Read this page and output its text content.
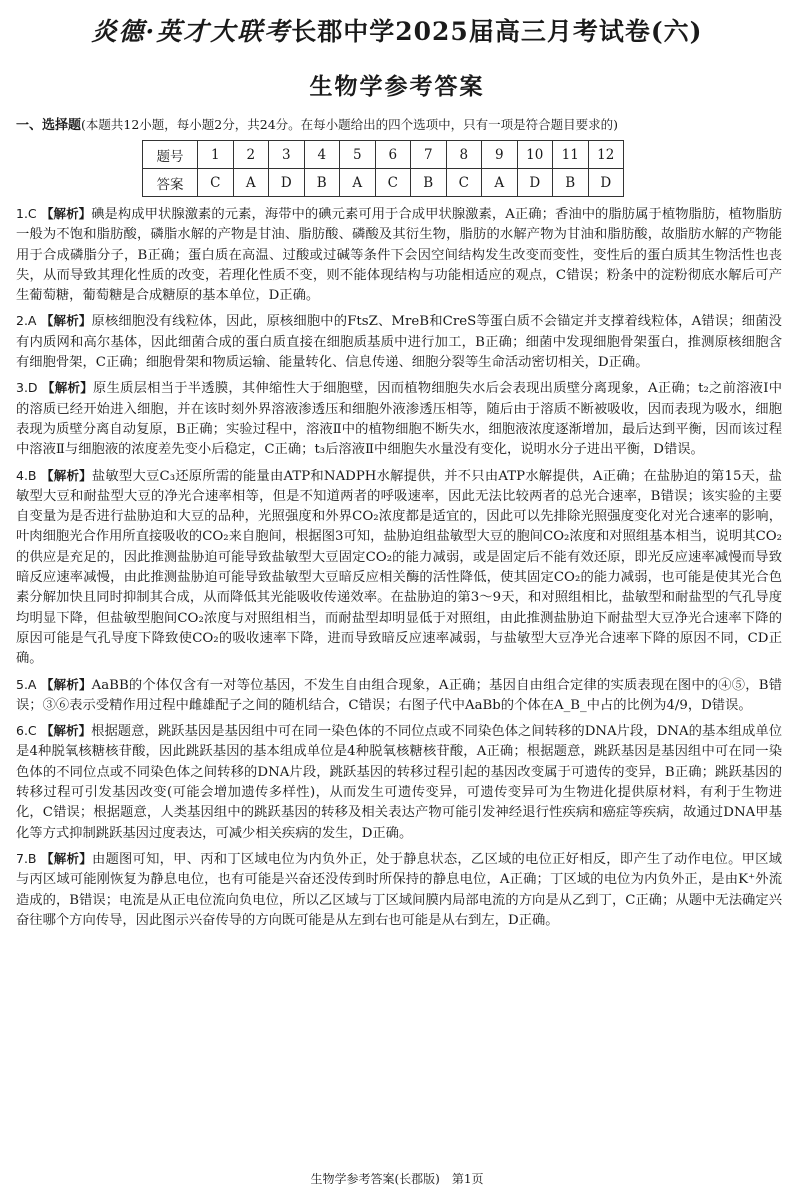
炎德·英才大联考长郡中学2025届高三月考试卷(六)
生物学参考答案
一、选择题(本题共12小题，每小题2分，共24分。在每小题给出的四个选项中，只有一项是符合题目要求的)
题号	1	2	3	4	5	6	7	8	9	10	11	12
答案	C	A	D	B	A	C	B	C	A	D	B	D

1.C 【解析】碘是构成甲状腺激素的元素，海带中的碘元素可用于合成甲状腺激素，A正确；香油中的脂肪属于植物脂肪，植物脂肪一般为不饱和脂肪酸，磷脂水解的产物是甘油、脂肪酸、磷酸及其衍生物，脂肪的水解产物为甘油和脂肪酸，故脂肪水解的产物能用于合成磷脂分子，B正确；蛋白质在高温、过酸或过碱等条件下会因空间结构发生改变而变性，变性后的蛋白质其生物活性也丧失，从而导致其理化性质的改变，若理化性质不变，则不能体现结构与功能相适应的观点，C错误；粉条中的淀粉彻底水解后可产生葡萄糖，葡萄糖是合成糖原的基本单位，D正确。

2.A 【解析】原核细胞没有线粒体，因此，原核细胞中的FtsZ、MreB和CreS等蛋白质不会锚定并支撑着线粒体，A错误；细菌没有内质网和高尔基体，因此细菌合成的蛋白质直接在细胞质基质中进行加工，B正确；细菌中发现细胞骨架蛋白，推测原核细胞含有细胞骨架，C正确；细胞骨架和物质运输、能量转化、信息传递、细胞分裂等生命活动密切相关，D正确。

3.D 【解析】原生质层相当于半透膜，其伸缩性大于细胞壁，因而植物细胞失水后会表现出质壁分离现象，A正确；t₂之前溶液Ⅰ中的溶质已经开始进入细胞，并在该时刻外界溶液渗透压和细胞外液渗透压相等，随后由于溶质不断被吸收，因而表现为吸水，细胞表现为质壁分离自动复原，B正确；实验过程中，溶液Ⅱ中的植物细胞不断失水，细胞液浓度逐渐增加，最后达到平衡，因而该过程中溶液Ⅱ与细胞液的浓度差先变小后稳定，C正确；t₃后溶液Ⅱ中细胞失水量没有变化，说明水分子进出平衡，D错误。

4.B 【解析】盐敏型大豆C₃还原所需的能量由ATP和NADPH水解提供，并不只由ATP水解提供，A正确；在盐胁迫的第15天，盐敏型大豆和耐盐型大豆的净光合速率相等，但是不知道两者的呼吸速率，因此无法比较两者的总光合速率，B错误；该实验的主要自变量为是否进行盐胁迫和大豆的品种，光照强度和外界CO₂浓度都是适宜的，因此可以先排除光照强度变化对光合速率的影响，叶肉细胞光合作用所直接吸收的CO₂来自胞间，根据图3可知，盐胁迫组盐敏型大豆的胞间CO₂浓度和对照组基本相当，说明其CO₂的供应是充足的，因此推测盐胁迫可能导致盐敏型大豆固定CO₂的能力减弱，或是固定后不能有效还原，即光反应速率减慢而导致暗反应速率减慢，由此推测盐胁迫可能导致盐敏型大豆暗反应相关酶的活性降低，使其固定CO₂的能力减弱，也可能是使其光合色素分解加快且同时抑制其合成，从而降低其光能吸收传递效率。在盐胁迫的第3～9天，和对照组相比，盐敏型和耐盐型的气孔导度均明显下降，但盐敏型胞间CO₂浓度与对照组相当，而耐盐型却明显低于对照组，由此推测盐胁迫下耐盐型大豆净光合速率下降的原因可能是气孔导度下降致使CO₂的吸收速率下降，进而导致暗反应速率减弱，与盐敏型大豆净光合速率下降的原因不同，CD正确。

5.A 【解析】AaBB的个体仅含有一对等位基因，不发生自由组合现象，A正确；基因自由组合定律的实质表现在图中的④⑤，B错误；③⑥表示受精作用过程中雌雄配子之间的随机结合，C错误；右图子代中AaBb的个体在A_B_中占的比例为4/9，D错误。

6.C 【解析】根据题意，跳跃基因是基因组中可在同一染色体的不同位点或不同染色体之间转移的DNA片段，DNA的基本组成单位是4种脱氧核糖核苷酸，因此跳跃基因的基本组成单位是4种脱氧核糖核苷酸，A正确；根据题意，跳跃基因是基因组中可在同一染色体的不同位点或不同染色体之间转移的DNA片段，跳跃基因的转移过程引起的基因改变属于可遗传的变异，B正确；跳跃基因的转移过程可引发基因改变(可能会增加遗传多样性)，从而发生可遗传变异，可遗传变异可为生物进化提供原材料，有利于生物进化，C错误；根据题意，人类基因组中的跳跃基因的转移及相关表达产物可能引发神经退行性疾病和癌症等疾病，故通过DNA甲基化等方式抑制跳跃基因过度表达，可减少相关疾病的发生，D正确。

7.B 【解析】由题图可知，甲、丙和丁区域电位为内负外正，处于静息状态，乙区域的电位正好相反，即产生了动作电位。甲区域与丙区域可能刚恢复为静息电位，也有可能是兴奋还没传到时所保持的静息电位，A正确；丁区域的电位为内负外正，是由K⁺外流造成的，B错误；电流是从正电位流向负电位，所以乙区域与丁区域间膜内局部电流的方向是从乙到丁，C正确；从题中无法确定兴奋往哪个方向传导，因此图示兴奋传导的方向既可能是从左到右也可能是从右到左，D正确。

生物学参考答案(长郡版)　第1页
